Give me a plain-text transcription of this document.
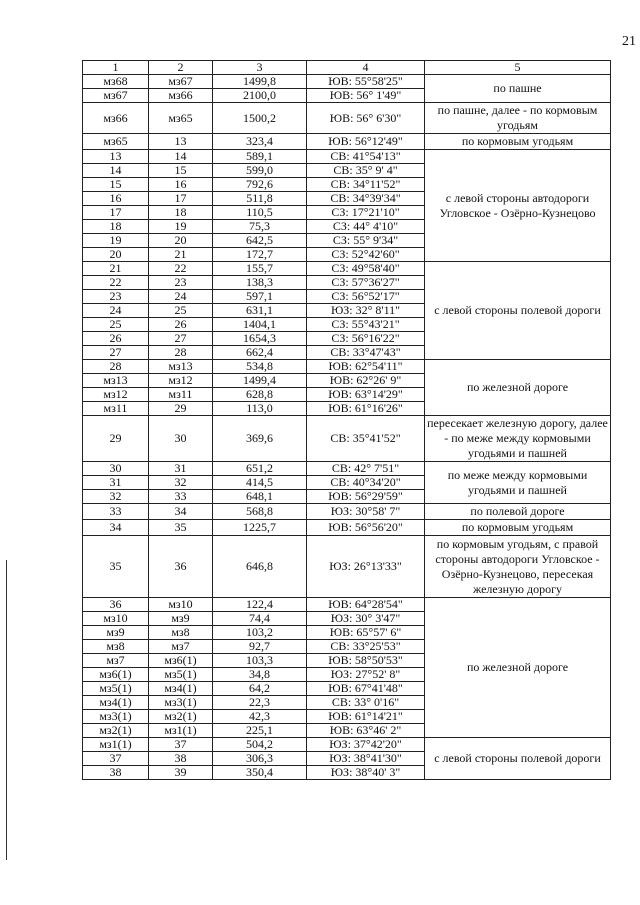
21
1	2	3	4	5
мз68	мз67	1499,8	ЮВ: 55°58'25"	по пашне
мз67	мз66	2100,0	ЮВ: 56° 1'49"	
мз66	мз65	1500,2	ЮВ: 56° 6'30"	по пашне, далее - по кормовым угодьям
мз65	13	323,4	ЮВ: 56°12'49"	по кормовым угодьям
13	14	589,1	СВ: 41°54'13"	с левой стороны автодороги Угловское - Озёрно-Кузнецово
14	15	599,0	СВ: 35° 9' 4"	
15	16	792,6	СВ: 34°11'52"	
16	17	511,8	СВ: 34°39'34"	
17	18	110,5	СЗ: 17°21'10"	
18	19	75,3	СЗ: 44° 4'10"	
19	20	642,5	СЗ: 55° 9'34"	
20	21	172,7	СЗ: 52°42'60"	
21	22	155,7	СЗ: 49°58'40"	с левой стороны полевой дороги
22	23	138,3	СЗ: 57°36'27"	
23	24	597,1	СЗ: 56°52'17"	
24	25	631,1	ЮЗ: 32° 8'11"	
25	26	1404,1	СЗ: 55°43'21"	
26	27	1654,3	СЗ: 56°16'22"	
27	28	662,4	СВ: 33°47'43"	
28	мз13	534,8	ЮВ: 62°54'11"	по железной дороге
мз13	мз12	1499,4	ЮВ: 62°26' 9"	
мз12	мз11	628,8	ЮВ: 63°14'29"	
мз11	29	113,0	ЮВ: 61°16'26"	
29	30	369,6	СВ: 35°41'52"	пересекает железную дорогу, далее - по меже между кормовыми угодьями и пашней
30	31	651,2	СВ: 42° 7'51"	по меже между кормовыми угодьями и пашней
31	32	414,5	СВ: 40°34'20"	
32	33	648,1	ЮВ: 56°29'59"	
33	34	568,8	ЮЗ: 30°58' 7"	по полевой дороге
34	35	1225,7	ЮВ: 56°56'20"	по кормовым угодьям
35	36	646,8	ЮЗ: 26°13'33"	по кормовым угодьям, с правой стороны автодороги Угловское - Озёрно-Кузнецово, пересекая железную дорогу
36	мз10	122,4	ЮВ: 64°28'54"	по железной дороге
мз10	мз9	74,4	ЮЗ: 30° 3'47"	
мз9	мз8	103,2	ЮВ: 65°57' 6"	
мз8	мз7	92,7	СВ: 33°25'53"	
мз7	мз6(1)	103,3	ЮВ: 58°50'53"	
мз6(1)	мз5(1)	34,8	ЮЗ: 27°52' 8"	
мз5(1)	мз4(1)	64,2	ЮВ: 67°41'48"	
мз4(1)	мз3(1)	22,3	СВ: 33° 0'16"	
мз3(1)	мз2(1)	42,3	ЮВ: 61°14'21"	
мз2(1)	мз1(1)	225,1	ЮВ: 63°46' 2"	
мз1(1)	37	504,2	ЮЗ: 37°42'20"	с левой стороны полевой дороги
37	38	306,3	ЮЗ: 38°41'30"	
38	39	350,4	ЮЗ: 38°40' 3"	
